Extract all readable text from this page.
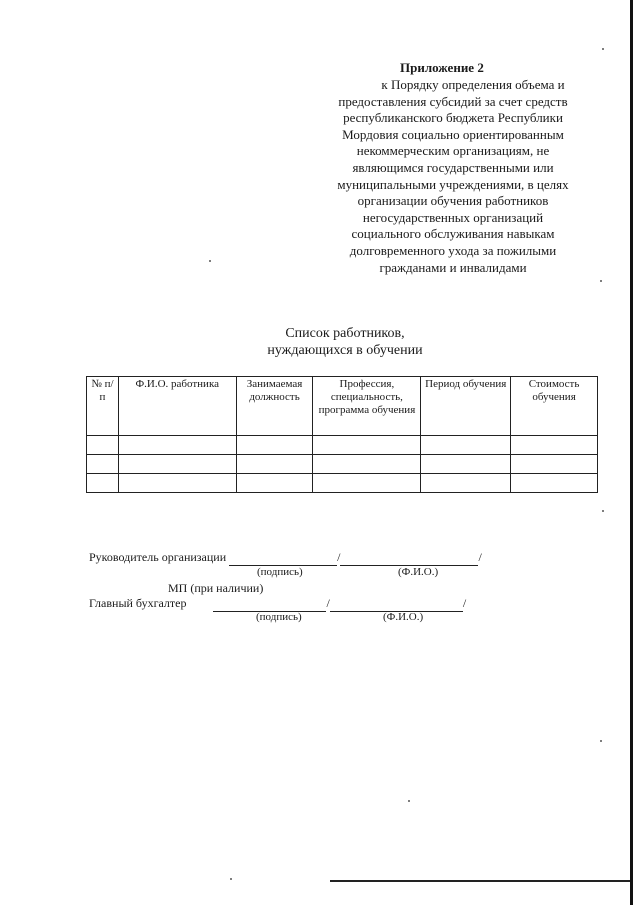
Приложение 2
к Порядку определения объема и
предоставления субсидий за счет средств
республиканского бюджета Республики
Мордовия социально ориентированным
некоммерческим организациям, не
являющимся государственными или
муниципальными учреждениями, в целях
организации обучения работников
негосударственных организаций
социального обслуживания навыкам
долговременного ухода за пожилыми
гражданами и инвалидами
Список работников,
нуждающихся в обучении
№ п/п	Ф.И.О. работника	Занимаемая должность	Профессия, специальность, программа обучения	Период обучения	Стоимость обучения

Руководитель организации	/	/
(подпись)	(Ф.И.О.)
МП (при наличии)
Главный бухгалтер	/	/
(подпись)	(Ф.И.О.)
